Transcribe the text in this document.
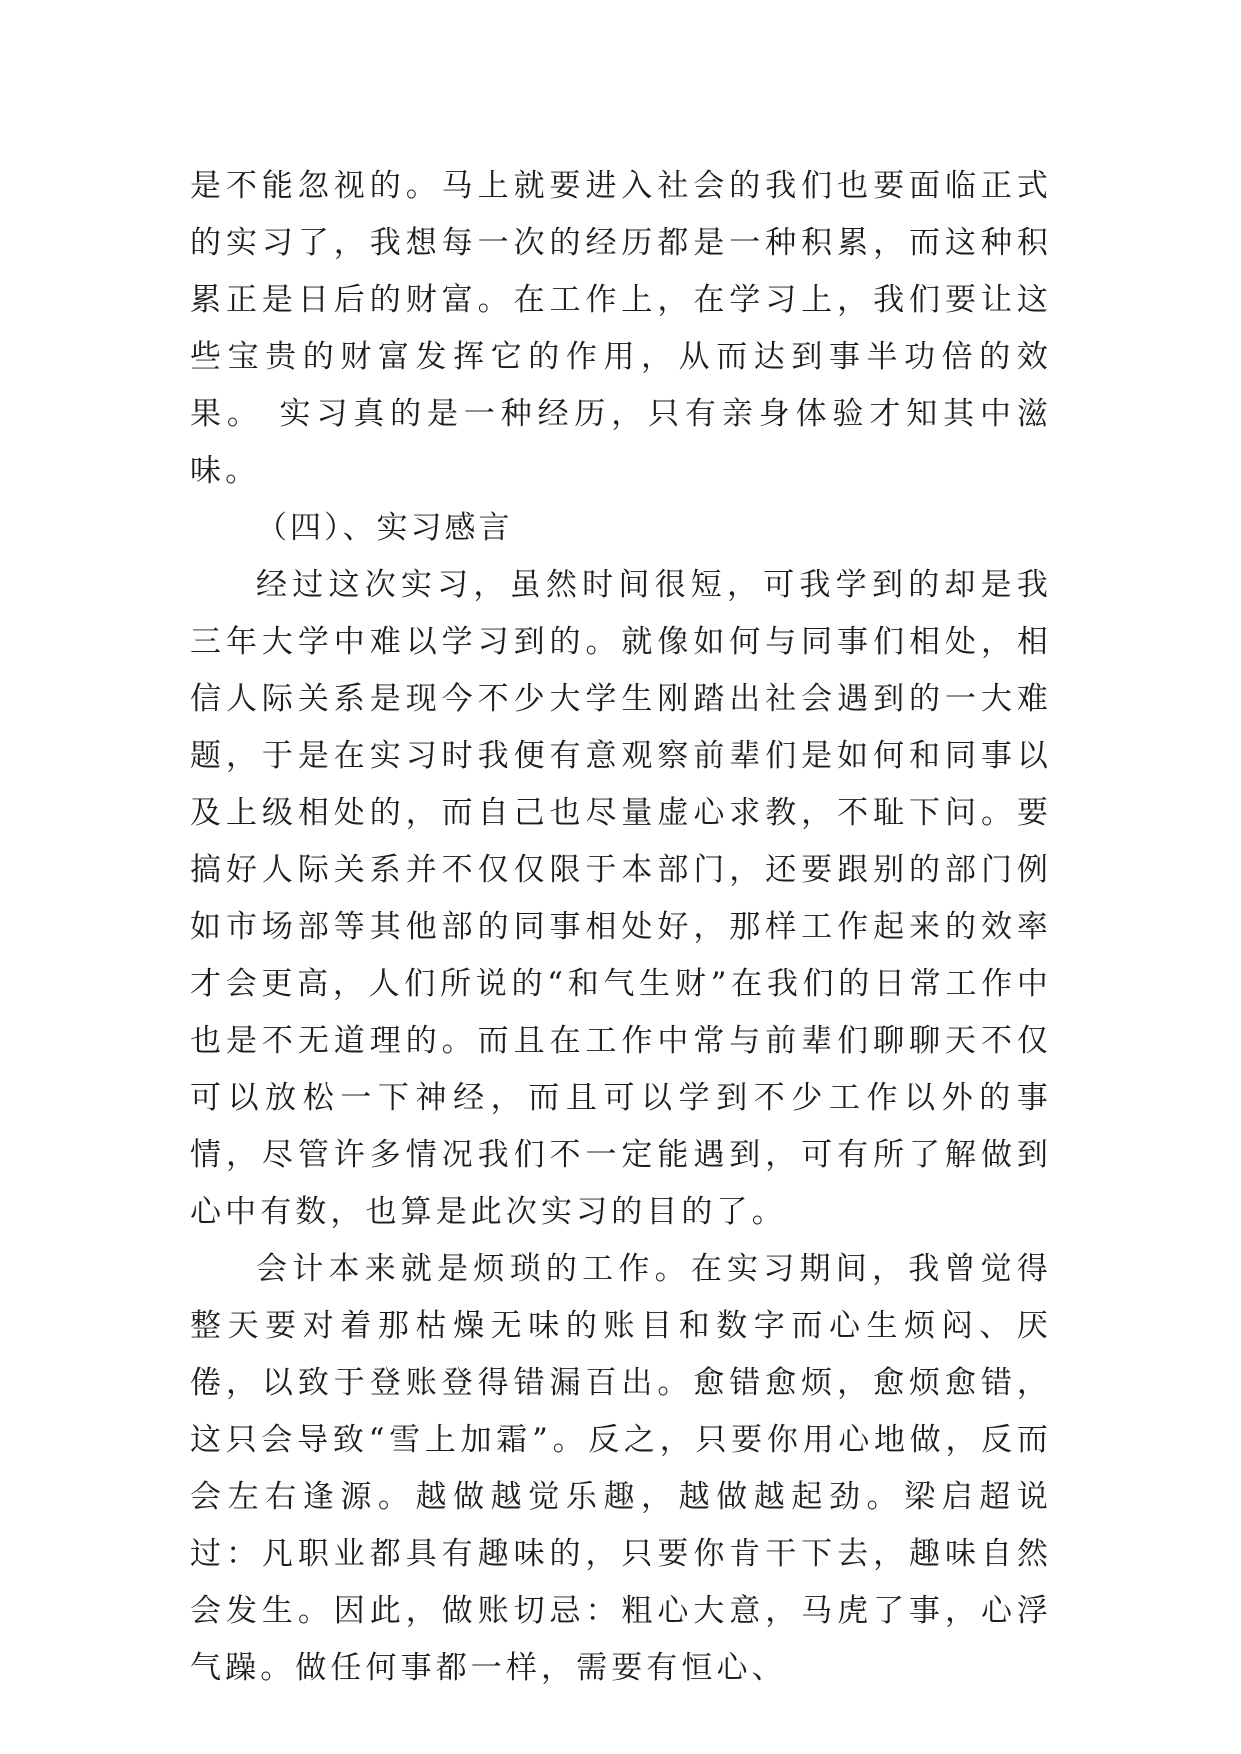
是不能忽视的。马上就要进入社会的我们也要面临正式的实习了，我想每一次的经历都是一种积累，而这种积累正是日后的财富。在工作上，在学习上，我们要让这些宝贵的财富发挥它的作用，从而达到事半功倍的效果。 实习真的是一种经历，只有亲身体验才知其中滋味。

（四）、实习感言

经过这次实习，虽然时间很短，可我学到的却是我三年大学中难以学习到的。就像如何与同事们相处，相信人际关系是现今不少大学生刚踏出社会遇到的一大难题，于是在实习时我便有意观察前辈们是如何和同事以及上级相处的，而自己也尽量虚心求教，不耻下问。要搞好人际关系并不仅仅限于本部门，还要跟别的部门例如市场部等其他部的同事相处好，那样工作起来的效率才会更高，人们所说的“和气生财”在我们的日常工作中也是不无道理的。而且在工作中常与前辈们聊聊天不仅可以放松一下神经，而且可以学到不少工作以外的事情，尽管许多情况我们不一定能遇到，可有所了解做到心中有数，也算是此次实习的目的了。

会计本来就是烦琐的工作。在实习期间，我曾觉得整天要对着那枯燥无味的账目和数字而心生烦闷、厌倦，以致于登账登得错漏百出。愈错愈烦，愈烦愈错，这只会导致“雪上加霜”。反之，只要你用心地做，反而会左右逢源。越做越觉乐趣，越做越起劲。梁启超说过：凡职业都具有趣味的，只要你肯干下去，趣味自然会发生。因此，做账切忌：粗心大意，马虎了事，心浮气躁。做任何事都一样，需要有恒心、
